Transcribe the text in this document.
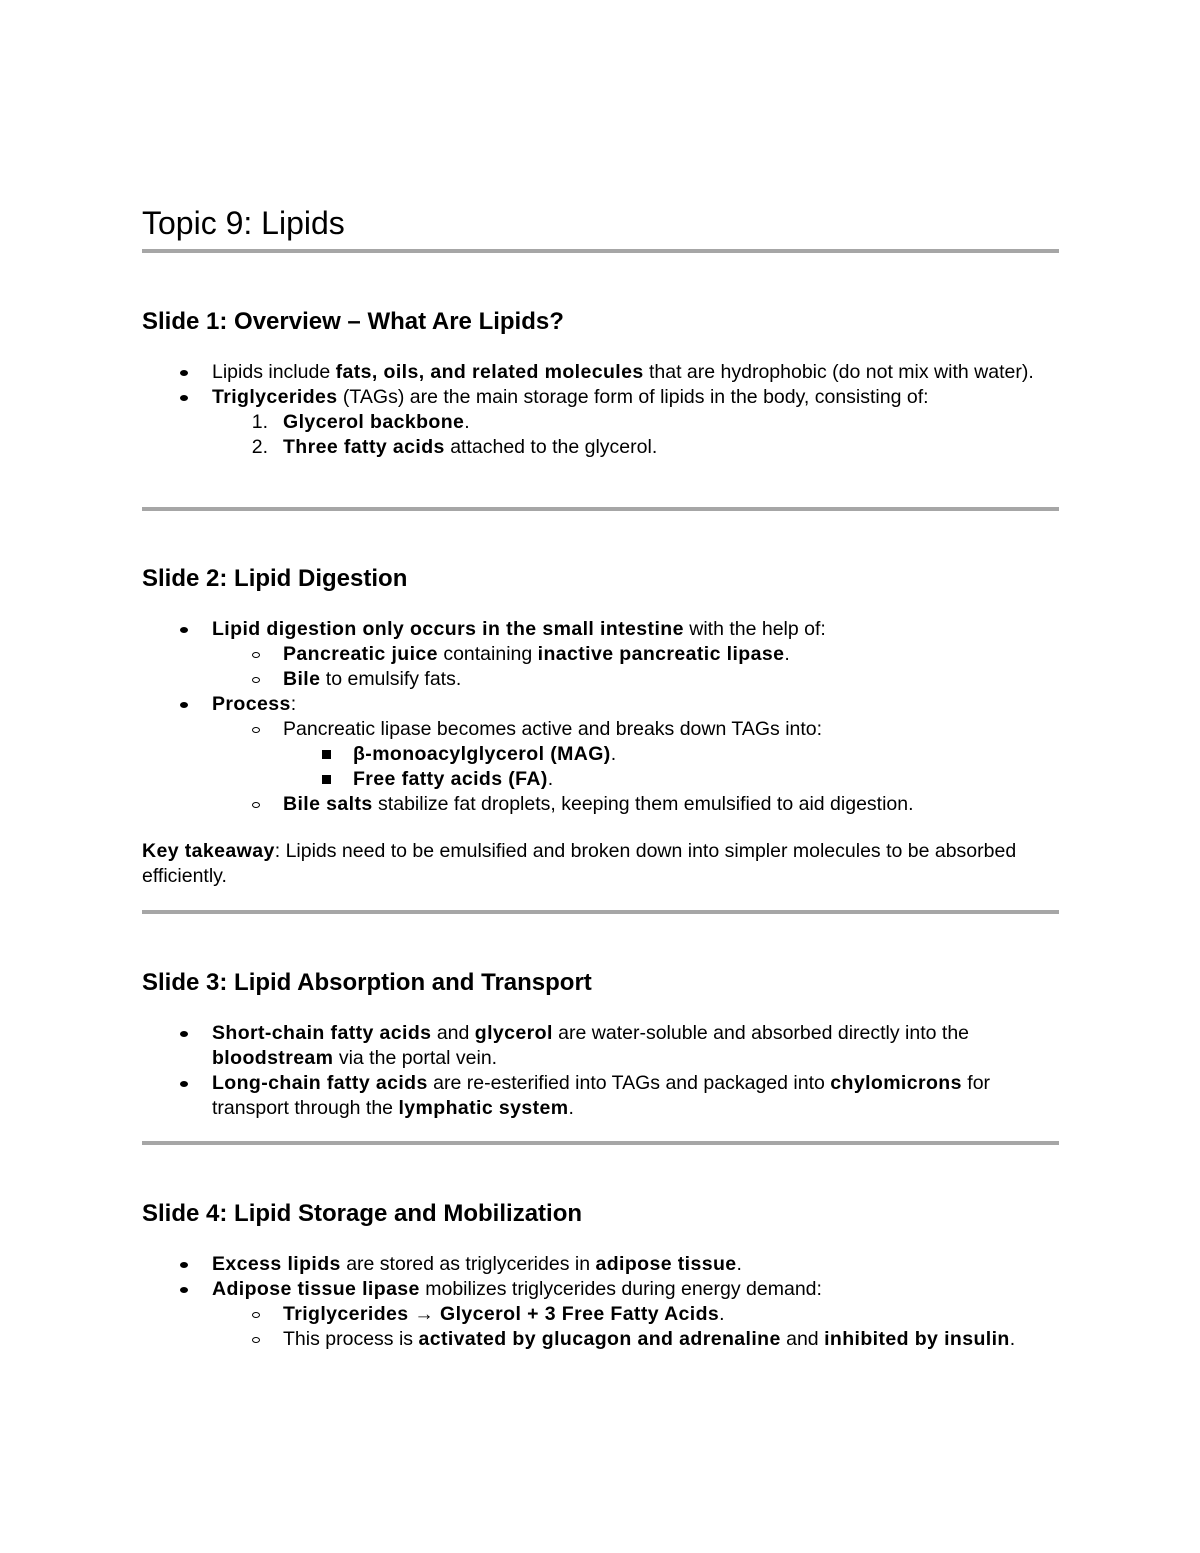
Topic 9: Lipids
Slide 1: Overview – What Are Lipids?
Lipids include fats, oils, and related molecules that are hydrophobic (do not mix with water).
Triglycerides (TAGs) are the main storage form of lipids in the body, consisting of:
1. Glycerol backbone.
2. Three fatty acids attached to the glycerol.
Slide 2: Lipid Digestion
Lipid digestion only occurs in the small intestine with the help of:
Pancreatic juice containing inactive pancreatic lipase.
Bile to emulsify fats.
Process:
Pancreatic lipase becomes active and breaks down TAGs into:
β-monoacylglycerol (MAG).
Free fatty acids (FA).
Bile salts stabilize fat droplets, keeping them emulsified to aid digestion.

Key takeaway: Lipids need to be emulsified and broken down into simpler molecules to be absorbed efficiently.

Slide 3: Lipid Absorption and Transport
Short-chain fatty acids and glycerol are water-soluble and absorbed directly into the bloodstream via the portal vein.
Long-chain fatty acids are re-esterified into TAGs and packaged into chylomicrons for transport through the lymphatic system.
Slide 4: Lipid Storage and Mobilization
Excess lipids are stored as triglycerides in adipose tissue.
Adipose tissue lipase mobilizes triglycerides during energy demand:
Triglycerides → Glycerol + 3 Free Fatty Acids.
This process is activated by glucagon and adrenaline and inhibited by insulin.
